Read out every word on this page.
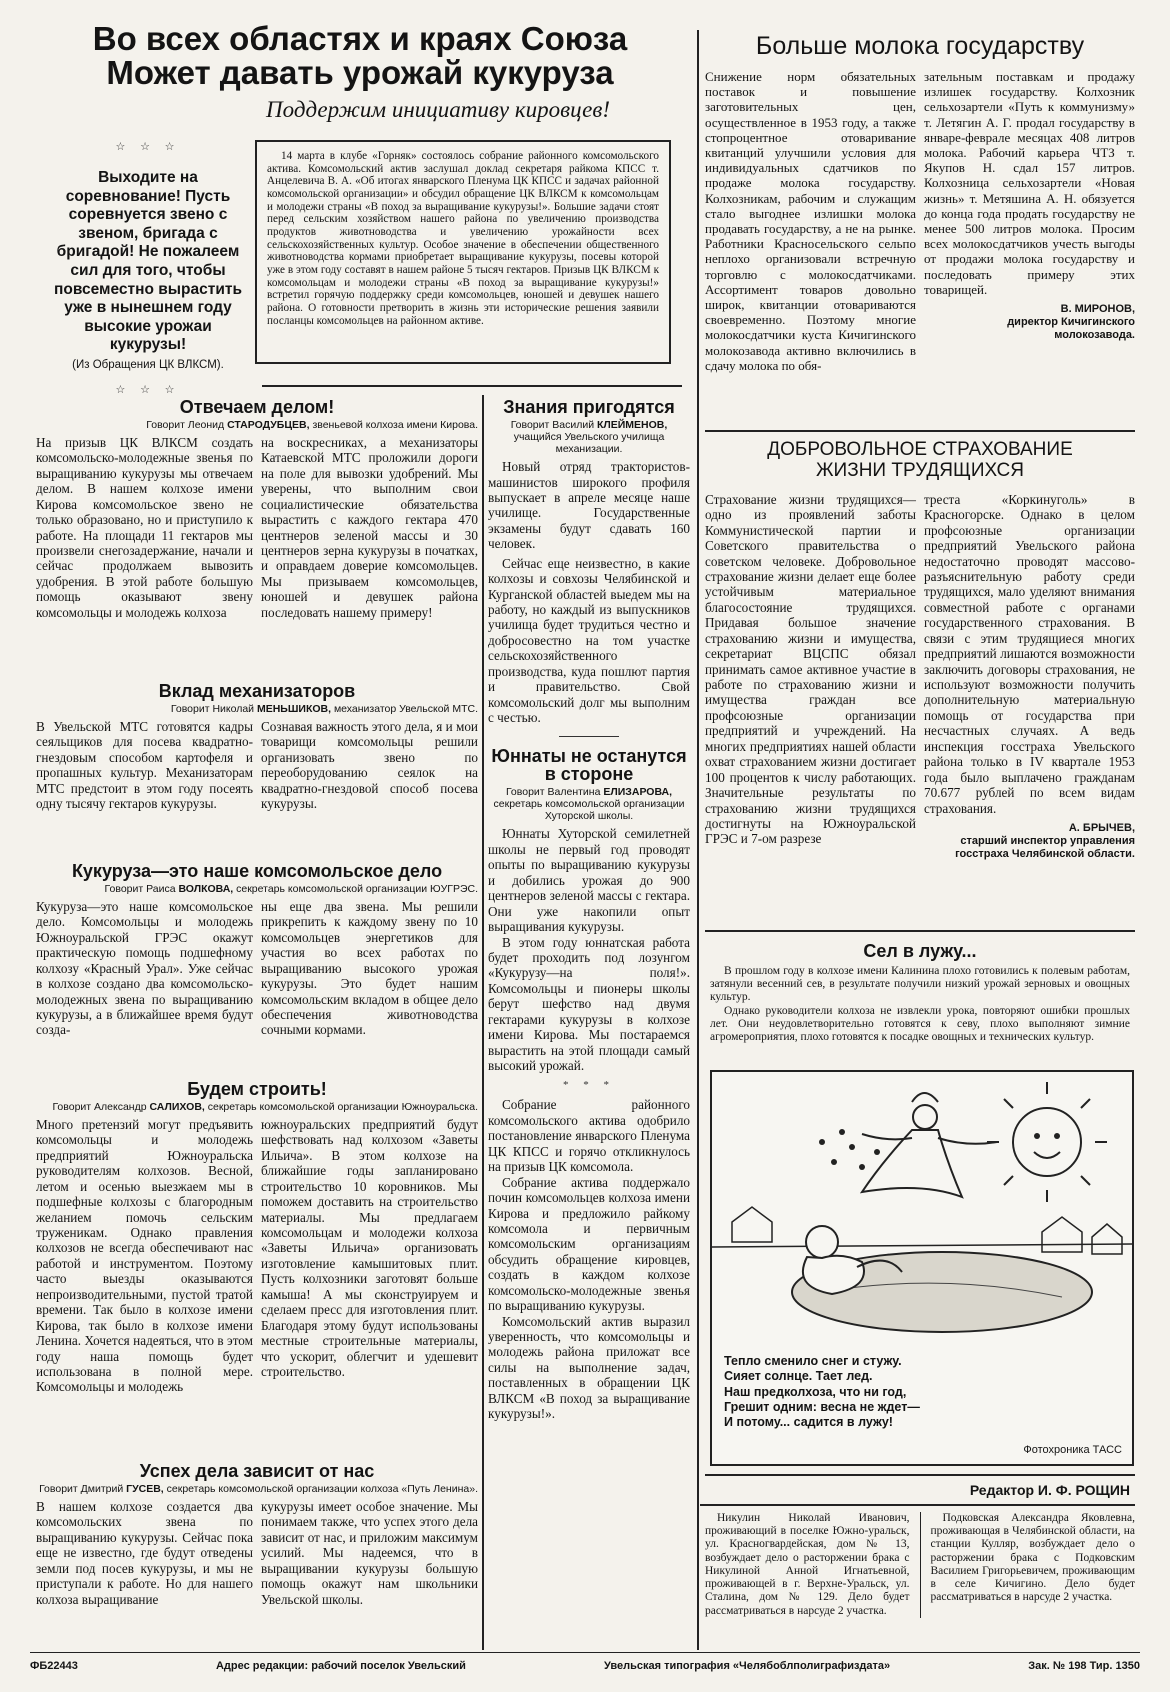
Во всех областях и краях Союза
Может давать урожай кукуруза
Поддержим инициативу кировцев!
☆ ☆ ☆
Выходите на соревнование! Пусть соревнуется звено с звеном, бригада с бригадой! Не пожалеем сил для того, чтобы повсеместно вырастить уже в нынешнем году высокие урожаи кукурузы!
(Из Обращения ЦК ВЛКСМ).
☆ ☆ ☆
14 марта в клубе «Горняк» состоялось собрание районного комсомольского актива. Комсомольский актив заслушал доклад секретаря райкома КПСС т. Анцелевича В. А. «Об итогах январского Пленума ЦК КПСС и задачах районной комсомольской организации» и обсудил обращение ЦК ВЛКСМ к комсомольцам и молодежи страны «В поход за выращивание кукурузы!». Большие задачи стоят перед сельским хозяйством нашего района по увеличению производства продуктов животноводства и увеличению урожайности всех сельскохозяйственных культур. Особое значение в обеспечении общественного животноводства кормами приобретает выращивание кукурузы, посевы которой уже в этом году составят в нашем районе 5 тысяч гектаров. Призыв ЦК ВЛКСМ к комсомольцам и молодежи страны «В поход за выращивание кукурузы!» встретил горячую поддержку среди комсомольцев, юношей и девушек нашего района. О готовности претворить в жизнь эти исторические решения заявили посланцы комсомольцев на районном активе.
Отвечаем делом!
Говорит Леонид СТАРОДУБЦЕВ, звеньевой колхоза имени Кирова.
На призыв ЦК ВЛКСМ создать комсомольско-молодежные звенья по выращиванию кукурузы мы отвечаем делом. В нашем колхозе имени Кирова комсомольское звено не только образовано, но и приступило к работе. На площади 11 гектаров мы произвели снегозадержание, начали и сейчас продолжаем вывозить удобрения. В этой работе большую помощь оказывают звену комсомольцы и молодежь колхоза
на воскресниках, а механизаторы Катаевской МТС проложили дороги на поле для вывозки удобрений. Мы уверены, что выполним свои социалистические обязательства вырастить с каждого гектара 470 центнеров зеленой массы и 30 центнеров зерна кукурузы в початках, и оправдаем доверие комсомольцев. Мы призываем комсомольцев, юношей и девушек района последовать нашему примеру!
Вклад механизаторов
Говорит Николай МЕНЬШИКОВ, механизатор Увельской МТС.
В Увельской МТС готовятся кадры сеяльщиков для посева квадратно-гнездовым способом картофеля и пропашных культур. Механизаторам МТС предстоит в этом году посеять одну тысячу гектаров кукурузы.
Сознавая важность этого дела, я и мои товарищи комсомольцы решили организовать звено по переоборудованию сеялок на квадратно-гнездовой способ посева кукурузы.
Кукуруза—это наше комсомольское дело
Говорит Раиса ВОЛКОВА, секретарь комсомольской организации ЮУГРЭС.
Кукуруза—это наше комсомольское дело. Комсомольцы и молодежь Южноуральской ГРЭС окажут практическую помощь подшефному колхозу «Красный Урал». Уже сейчас в колхозе создано два комсомольско-молодежных звена по выращиванию кукурузы, а в ближайшее время будут созда-
ны еще два звена. Мы решили прикрепить к каждому звену по 10 комсомольцев энергетиков для участия во всех работах по выращиванию высокого урожая кукурузы. Это будет нашим комсомольским вкладом в общее дело обеспечения животноводства сочными кормами.
Будем строить!
Говорит Александр САЛИХОВ, секретарь комсомольской организации Южноуральска.
Много претензий могут предъявить комсомольцы и молодежь предприятий Южноуральска руководителям колхозов. Весной, летом и осенью выезжаем мы в подшефные колхозы с благородным желанием помочь сельским труженикам. Однако правления колхозов не всегда обеспечивают нас работой и инструментом. Поэтому часто выезды оказываются непроизводительными, пустой тратой времени. Так было в колхозе имени Кирова, так было в колхозе имени Ленина. Хочется надеяться, что в этом году наша помощь будет использована в полной мере. Комсомольцы и молодежь
южноуральских предприятий будут шефствовать над колхозом «Заветы Ильича». В этом колхозе на ближайшие годы запланировано строительство 10 коровников. Мы поможем доставить на строительство материалы. Мы предлагаем комсомольцам и молодежи колхоза «Заветы Ильича» организовать изготовление камышитовых плит. Пусть колхозники заготовят больше камыша! А мы сконструируем и сделаем пресс для изготовления плит. Благодаря этому будут использованы местные строительные материалы, что ускорит, облегчит и удешевит строительство.
Успех дела зависит от нас
Говорит Дмитрий ГУСЕВ, секретарь комсомольской организации колхоза «Путь Ленина».
В нашем колхозе создается два комсомольских звена по выращиванию кукурузы. Сейчас пока еще не известно, где будут отведены земли под посев кукурузы, и мы не приступали к работе. Но для нашего колхоза выращивание
кукурузы имеет особое значение. Мы понимаем также, что успех этого дела зависит от нас, и приложим максимум усилий. Мы надеемся, что в выращивании кукурузы большую помощь окажут нам школьники Увельской школы.
Знания пригодятся
Говорит Василий КЛЕЙМЕНОВ, учащийся Увельского училища механизации.

Новый отряд трактористов-машинистов широкого профиля выпускает в апреле месяце наше училище. Государственные экзамены будут сдавать 160 человек.

Сейчас еще неизвестно, в какие колхозы и совхозы Челябинской и Курганской областей выедем мы на работу, но каждый из выпускников училища будет трудиться честно и добросовестно на том участке сельскохозяйственного производства, куда пошлют партия и правительство. Свой комсомольский долг мы выполним с честью.

Юннаты не останутся в стороне
Говорит Валентина ЕЛИЗАРОВА, секретарь комсомольской организации Хуторской школы.

Юннаты Хуторской семилетней школы не первый год проводят опыты по выращиванию кукурузы и добились урожая до 900 центнеров зеленой массы с гектара. Они уже накопили опыт выращивания кукурузы.

В этом году юннатская работа будет проходить под лозунгом «Кукурузу—на поля!». Комсомольцы и пионеры школы берут шефство над двумя гектарами кукурузы в колхозе имени Кирова. Мы постараемся вырастить на этой площади самый высокий урожай.

* * *

Собрание районного комсомольского актива одобрило постановление январского Пленума ЦК КПСС и горячо откликнулось на призыв ЦК комсомола.

Собрание актива поддержало почин комсомольцев колхоза имени Кирова и предложило райкому комсомола и первичным комсомольским организациям обсудить обращение кировцев, создать в каждом колхозе комсомольско-молодежные звенья по выращиванию кукурузы.

Комсомольский актив выразил уверенность, что комсомольцы и молодежь района приложат все силы на выполнение задач, поставленных в обращении ЦК ВЛКСМ «В поход за выращивание кукурузы!».

Больше молока государству
Снижение норм обязательных поставок и повышение заготовительных цен, осуществленное в 1953 году, а также стопроцентное отоваривание квитанций улучшили условия для индивидуальных сдатчиков по продаже молока государству. Колхозникам, рабочим и служащим стало выгоднее излишки молока продавать государству, а не на рынке. Работники Красносельского сельпо неплохо организовали встречную торговлю с молокосдатчиками. Ассортимент товаров довольно широк, квитанции отовариваются своевременно. Поэтому многие молокосдатчики куста Кичигинского молокозавода активно включились в сдачу молока по обя-
зательным поставкам и продажу излишек государству. Колхозник сельхозартели «Путь к коммунизму» т. Летягин А. Г. продал государству в январе-феврале месяцах 408 литров молока. Рабочий карьера ЧТЗ т. Якупов Н. сдал 157 литров. Колхозница сельхозартели «Новая жизнь» т. Метяшина А. Н. обязуется до конца года продать государству не менее 500 литров молока. Просим всех молокосдатчиков учесть выгоды от продажи молока государству и последовать примеру этих товарищей.
В. МИРОНОВ,
директор Кичигинского молокозавода.
ДОБРОВОЛЬНОЕ СТРАХОВАНИЕ
ЖИЗНИ ТРУДЯЩИХСЯ
Страхование жизни трудящихся—одно из проявлений заботы Коммунистической партии и Советского правительства о советском человеке. Добровольное страхование жизни делает еще более устойчивым материальное благосостояние трудящихся. Придавая большое значение страхованию жизни и имущества, секретариат ВЦСПС обязал принимать самое активное участие в работе по страхованию жизни и имущества граждан все профсоюзные организации предприятий и учреждений. На многих предприятиях нашей области охват страхованием жизни достигает 100 процентов к числу работающих. Значительные результаты по страхованию жизни трудящихся достигнуты на Южноуральской ГРЭС и 7-ом разрезе
треста «Коркинуголь» в Красногорске. Однако в целом профсоюзные организации предприятий Увельского района недостаточно проводят массово-разъяснительную работу среди трудящихся, мало уделяют внимания совместной работе с органами государственного страхования. В связи с этим трудящиеся многих предприятий лишаются возможности заключить договоры страхования, не используют возможности получить дополнительную материальную помощь от государства при несчастных случаях. А ведь инспекция госстраха Увельского района только в IV квартале 1953 года было выплачено гражданам 70.677 рублей по всем видам страхования.
А. БРЫЧЕВ,
старший инспектор управления госстраха Челябинской области.
Сел в лужу...

В прошлом году в колхозе имени Калинина плохо готовились к полевым работам, затянули весенний сев, в результате получили низкий урожай зерновых и овощных культур.

Однако руководители колхоза не извлекли урока, повторяют ошибки прошлых лет. Они неудовлетворительно готовятся к севу, плохо выполняют зимние агромероприятия, плохо готовятся к посадке овощных и технических культур.

Тепло сменило снег и стужу.
Сияет солнце. Тает лед.
Наш предколхоза, что ни год,
Грешит одним: весна не ждет—
И потому... садится в лужу!
Фотохроника ТАСС
Редактор И. Ф. РОЩИН
Никулин Николай Иванович, проживающий в поселке Южно-уральск, ул. Красногвардейская, дом № 13, возбуждает дело о расторжении брака с Никулиной Анной Игнатьевной, проживающей в г. Верхне-Уральск, ул. Сталина, дом № 129. Дело будет рассматриваться в нарсуде 2 участка.
Подковская Александра Яковлевна, проживающая в Челябинской области, на станции Кулляр, возбуждает дело о расторжении брака с Подковским Василием Григорьевичем, проживающим в селе Кичигино. Дело будет рассматриваться в нарсуде 2 участка.
ФБ22443	Адрес редакции: рабочий поселок Увельский	Увельская типография «Челябоблполиграфиздата»	Зак. № 198 Тир. 1350
